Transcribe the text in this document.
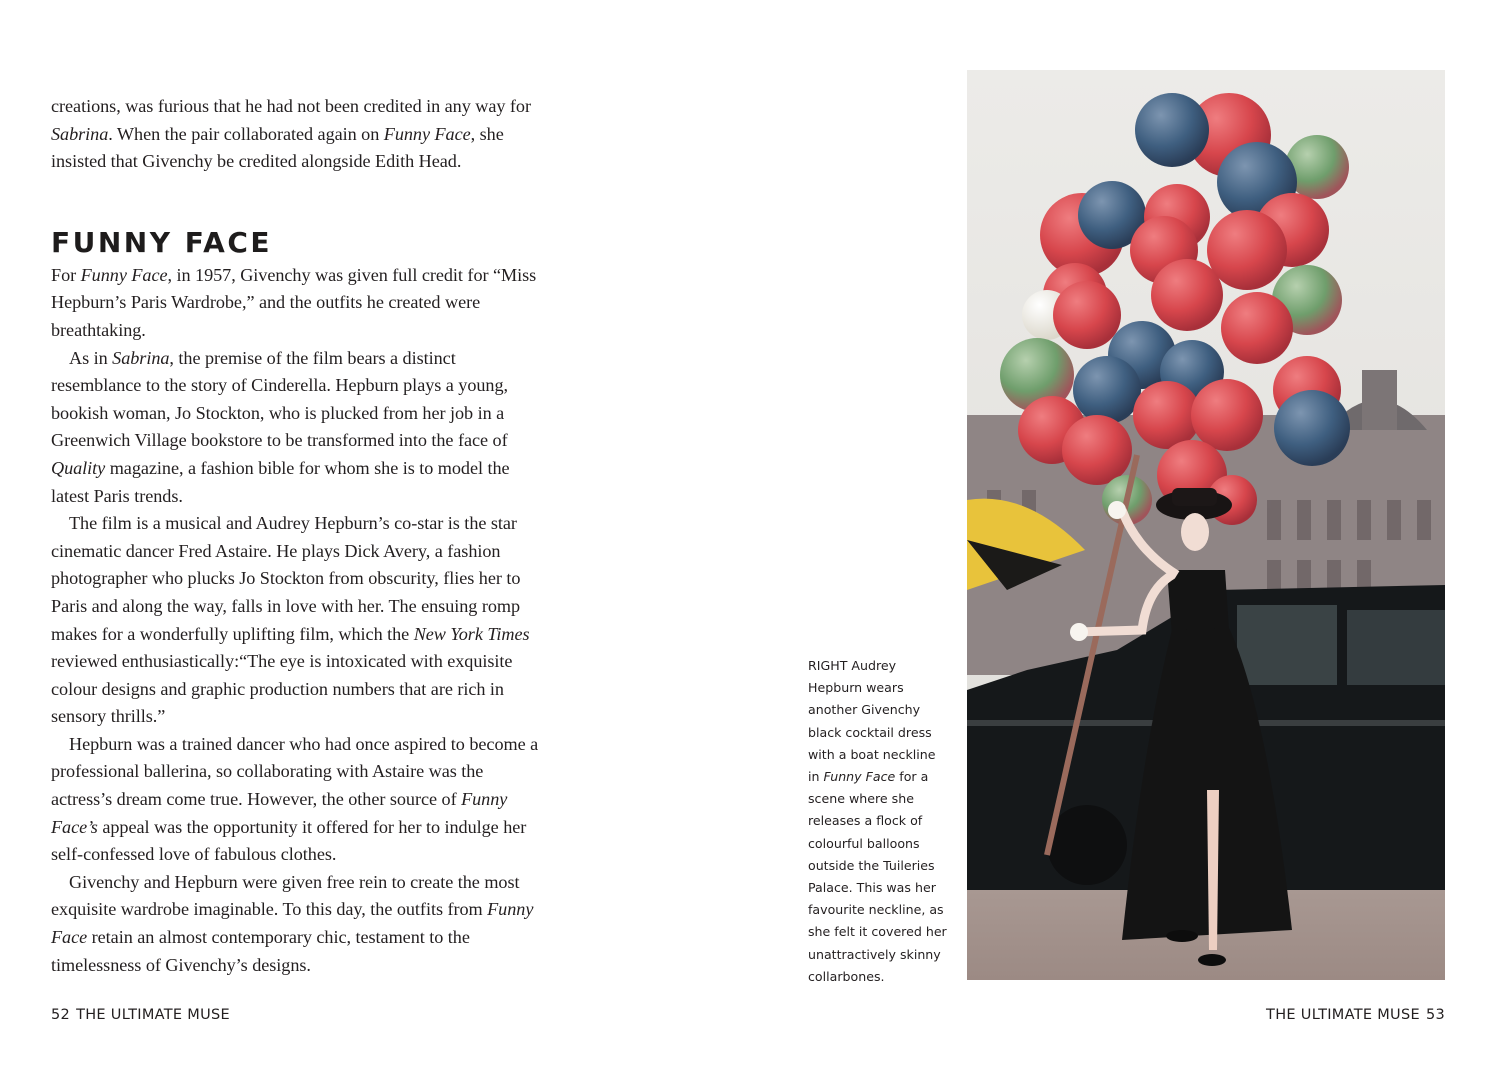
creations, was furious that he had not been credited in any way for Sabrina. When the pair collaborated again on Funny Face, she insisted that Givenchy be credited alongside Edith Head.

FUNNY FACE

For Funny Face, in 1957, Givenchy was given full credit for “Miss Hepburn’s Paris Wardrobe,” and the outfits he created were breathtaking.

As in Sabrina, the premise of the film bears a distinct resemblance to the story of Cinderella. Hepburn plays a young, bookish woman, Jo Stockton, who is plucked from her job in a Greenwich Village bookstore to be transformed into the face of Quality magazine, a fashion bible for whom she is to model the latest Paris trends.

The film is a musical and Audrey Hepburn’s co-star is the star cinematic dancer Fred Astaire. He plays Dick Avery, a fashion photographer who plucks Jo Stockton from obscurity, flies her to Paris and along the way, falls in love with her. The ensuing romp makes for a wonderfully uplifting film, which the New York Times reviewed enthusiastically:“The eye is intoxicated with exquisite colour designs and graphic production numbers that are rich in sensory thrills.”

Hepburn was a trained dancer who had once aspired to become a professional ballerina, so collaborating with Astaire was the actress’s dream come true. However, the other source of Funny Face’s appeal was the opportunity it offered for her to indulge her self-confessed love of fabulous clothes.

Givenchy and Hepburn were given free rein to create the most exquisite wardrobe imaginable. To this day, the outfits from Funny Face retain an almost contemporary chic, testament to the timelessness of Givenchy’s designs.

RIGHT Audrey Hepburn wears another Givenchy black cocktail dress with a boat neckline in Funny Face for a scene where she releases a flock of colourful balloons outside the Tuileries Palace. This was her favourite neckline, as she felt it covered her unattractively skinny collarbones.
52 THE ULTIMATE MUSE	THE ULTIMATE MUSE 53
